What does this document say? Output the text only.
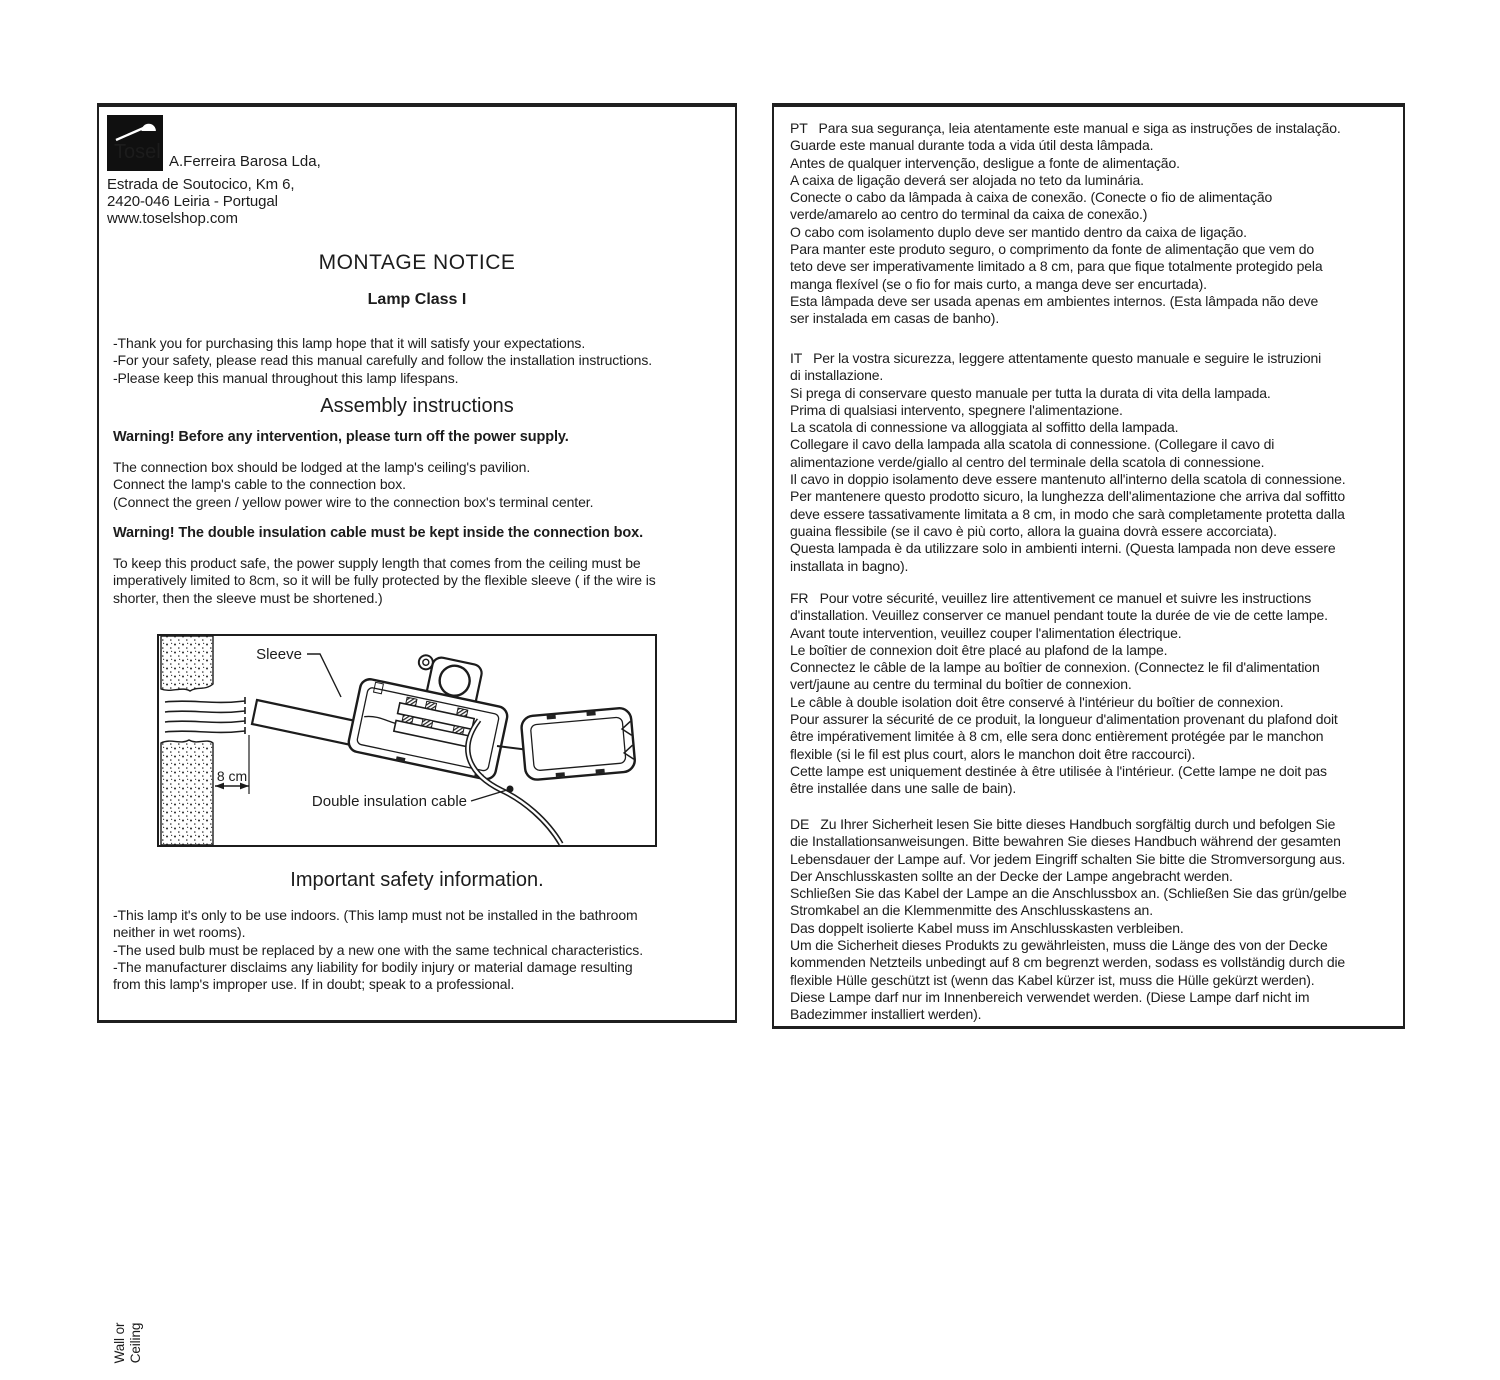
Tosel A.Ferreira Barosa Lda,
Estrada de Soutocico, Km 6,
2420-046 Leiria - Portugal
www.toselshop.com
MONTAGE NOTICE
Lamp Class I
-Thank you for purchasing this lamp hope that it will satisfy your expectations.
-For your safety, please read this manual carefully and follow the installation instructions.
-Please keep this manual throughout this lamp lifespans.
Assembly instructions
Warning! Before any intervention, please turn off the power supply.
The connection box should be lodged at the lamp's ceiling's pavilion.
Connect the lamp's cable to the connection box.
(Connect the green / yellow power wire to the connection box's terminal center.
Warning! The double insulation cable must be kept inside the connection box.
To keep this product safe, the power supply length that comes from the ceiling must be
imperatively limited to 8cm, so it will be fully protected by the flexible sleeve ( if the wire is
shorter, then the sleeve must be shortened.)
Wall or Ceiling
8 cm
Sleeve
Double insulation cable
Important safety information.
-This lamp it's only to be use indoors. (This lamp must not be installed in the bathroom
neither in wet rooms).
-The used bulb must be replaced by a new one with the same technical characteristics.
-The manufacturer disclaims any liability for bodily injury or material damage resulting
from this lamp's improper use. If in doubt; speak to a professional.
PT   Para sua segurança, leia atentamente este manual e siga as instruções de instalação.
Guarde este manual durante toda a vida útil desta lâmpada.
Antes de qualquer intervenção, desligue a fonte de alimentação.
A caixa de ligação deverá ser alojada no teto da luminária.
Conecte o cabo da lâmpada à caixa de conexão. (Conecte o fio de alimentação
verde/amarelo ao centro do terminal da caixa de conexão.)
O cabo com isolamento duplo deve ser mantido dentro da caixa de ligação.
Para manter este produto seguro, o comprimento da fonte de alimentação que vem do
teto deve ser imperativamente limitado a 8 cm, para que fique totalmente protegido pela
manga flexível (se o fio for mais curto, a manga deve ser encurtada).
Esta lâmpada deve ser usada apenas em ambientes internos. (Esta lâmpada não deve
ser instalada em casas de banho).
IT   Per la vostra sicurezza, leggere attentamente questo manuale e seguire le istruzioni
di installazione.
Si prega di conservare questo manuale per tutta la durata di vita della lampada.
Prima di qualsiasi intervento, spegnere l'alimentazione.
La scatola di connessione va alloggiata al soffitto della lampada.
Collegare il cavo della lampada alla scatola di connessione. (Collegare il cavo di
alimentazione verde/giallo al centro del terminale della scatola di connessione.
Il cavo in doppio isolamento deve essere mantenuto all'interno della scatola di connessione.
Per mantenere questo prodotto sicuro, la lunghezza dell'alimentazione che arriva dal soffitto
deve essere tassativamente limitata a 8 cm, in modo che sarà completamente protetta dalla
guaina flessibile (se il cavo è più corto, allora la guaina dovrà essere accorciata).
Questa lampada è da utilizzare solo in ambienti interni. (Questa lampada non deve essere
installata in bagno).
FR   Pour votre sécurité, veuillez lire attentivement ce manuel et suivre les instructions
d'installation. Veuillez conserver ce manuel pendant toute la durée de vie de cette lampe.
Avant toute intervention, veuillez couper l'alimentation électrique.
Le boîtier de connexion doit être placé au plafond de la lampe.
Connectez le câble de la lampe au boîtier de connexion. (Connectez le fil d'alimentation
vert/jaune au centre du terminal du boîtier de connexion.
Le câble à double isolation doit être conservé à l'intérieur du boîtier de connexion.
Pour assurer la sécurité de ce produit, la longueur d'alimentation provenant du plafond doit
être impérativement limitée à 8 cm, elle sera donc entièrement protégée par le manchon
flexible (si le fil est plus court, alors le manchon doit être raccourci).
Cette lampe est uniquement destinée à être utilisée à l'intérieur. (Cette lampe ne doit pas
être installée dans une salle de bain).
DE   Zu Ihrer Sicherheit lesen Sie bitte dieses Handbuch sorgfältig durch und befolgen Sie
die Installationsanweisungen. Bitte bewahren Sie dieses Handbuch während der gesamten
Lebensdauer der Lampe auf. Vor jedem Eingriff schalten Sie bitte die Stromversorgung aus.
Der Anschlusskasten sollte an der Decke der Lampe angebracht werden.
Schließen Sie das Kabel der Lampe an die Anschlussbox an. (Schließen Sie das grün/gelbe
Stromkabel an die Klemmenmitte des Anschlusskastens an.
Das doppelt isolierte Kabel muss im Anschlusskasten verbleiben.
Um die Sicherheit dieses Produkts zu gewährleisten, muss die Länge des von der Decke
kommenden Netzteils unbedingt auf 8 cm begrenzt werden, sodass es vollständig durch die
flexible Hülle geschützt ist (wenn das Kabel kürzer ist, muss die Hülle gekürzt werden).
Diese Lampe darf nur im Innenbereich verwendet werden. (Diese Lampe darf nicht im
Badezimmer installiert werden).
